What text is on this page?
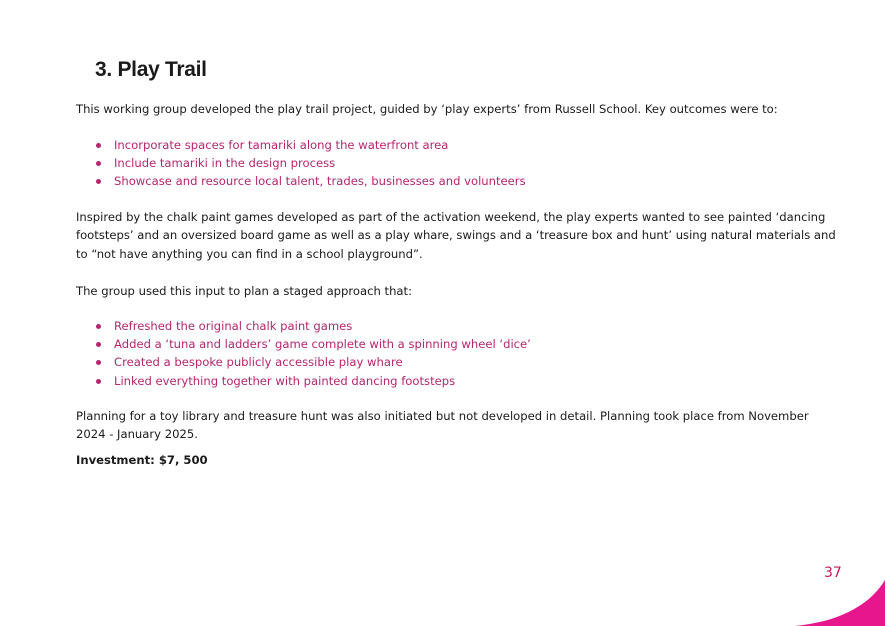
3. Play Trail

This working group developed the play trail project, guided by ‘play experts’ from Russell School. Key outcomes were to:

Incorporate spaces for tamariki along the waterfront area
Include tamariki in the design process
Showcase and resource local talent, trades, businesses and volunteers

Inspired by the chalk paint games developed as part of the activation weekend, the play experts wanted to see painted ‘dancing footsteps’ and an oversized board game as well as a play whare, swings and a ‘treasure box and hunt’ using natural materials and to “not have anything you can find in a school playground”.

The group used this input to plan a staged approach that:

Refreshed the original chalk paint games
Added a ‘tuna and ladders’ game complete with a spinning wheel ‘dice’
Created a bespoke publicly accessible play whare
Linked everything together with painted dancing footsteps

Planning for a toy library and treasure hunt was also initiated but not developed in detail. Planning took place from November 2024 - January 2025.

Investment: $7, 500

37
